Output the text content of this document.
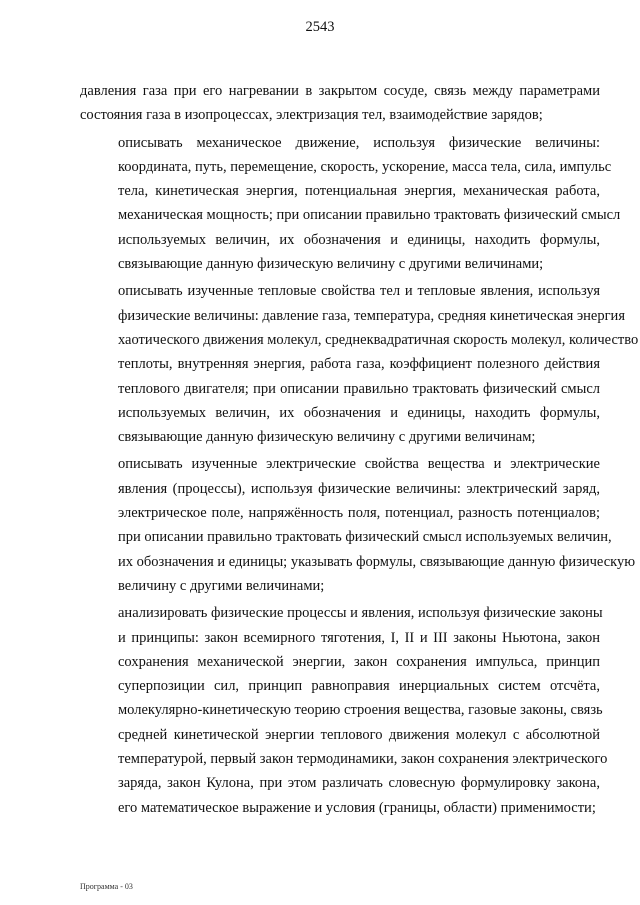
2543

давления газа при его нагревании в закрытом сосуде, связь между параметрами
состояния газа в изопроцессах, электризация тел, взаимодействие зарядов;

описывать механическое движение, используя физические величины:
координата, путь, перемещение, скорость, ускорение, масса тела, сила, импульс
тела, кинетическая энергия, потенциальная энергия, механическая работа,
механическая мощность; при описании правильно трактовать физический смысл
используемых величин, их обозначения и единицы, находить формулы,
связывающие данную физическую величину с другими величинами;

описывать изученные тепловые свойства тел и тепловые явления, используя
физические величины: давление газа, температура, средняя кинетическая энергия
хаотического движения молекул, среднеквадратичная скорость молекул, количество
теплоты, внутренняя энергия, работа газа, коэффициент полезного действия
теплового двигателя; при описании правильно трактовать физический смысл
используемых величин, их обозначения и единицы, находить формулы,
связывающие данную физическую величину с другими величинам;

описывать изученные электрические свойства вещества и электрические
явления (процессы), используя физические величины: электрический заряд,
электрическое поле, напряжённость поля, потенциал, разность потенциалов;
при описании правильно трактовать физический смысл используемых величин,
их обозначения и единицы; указывать формулы, связывающие данную физическую
величину с другими величинами;

анализировать физические процессы и явления, используя физические законы
и принципы: закон всемирного тяготения, I, II и III законы Ньютона, закон
сохранения механической энергии, закон сохранения импульса, принцип
суперпозиции сил, принцип равноправия инерциальных систем отсчёта,
молекулярно-кинетическую теорию строения вещества, газовые законы, связь
средней кинетической энергии теплового движения молекул с абсолютной
температурой, первый закон термодинамики, закон сохранения электрического
заряда, закон Кулона, при этом различать словесную формулировку закона,
его математическое выражение и условия (границы, области) применимости;

Программа - 03
